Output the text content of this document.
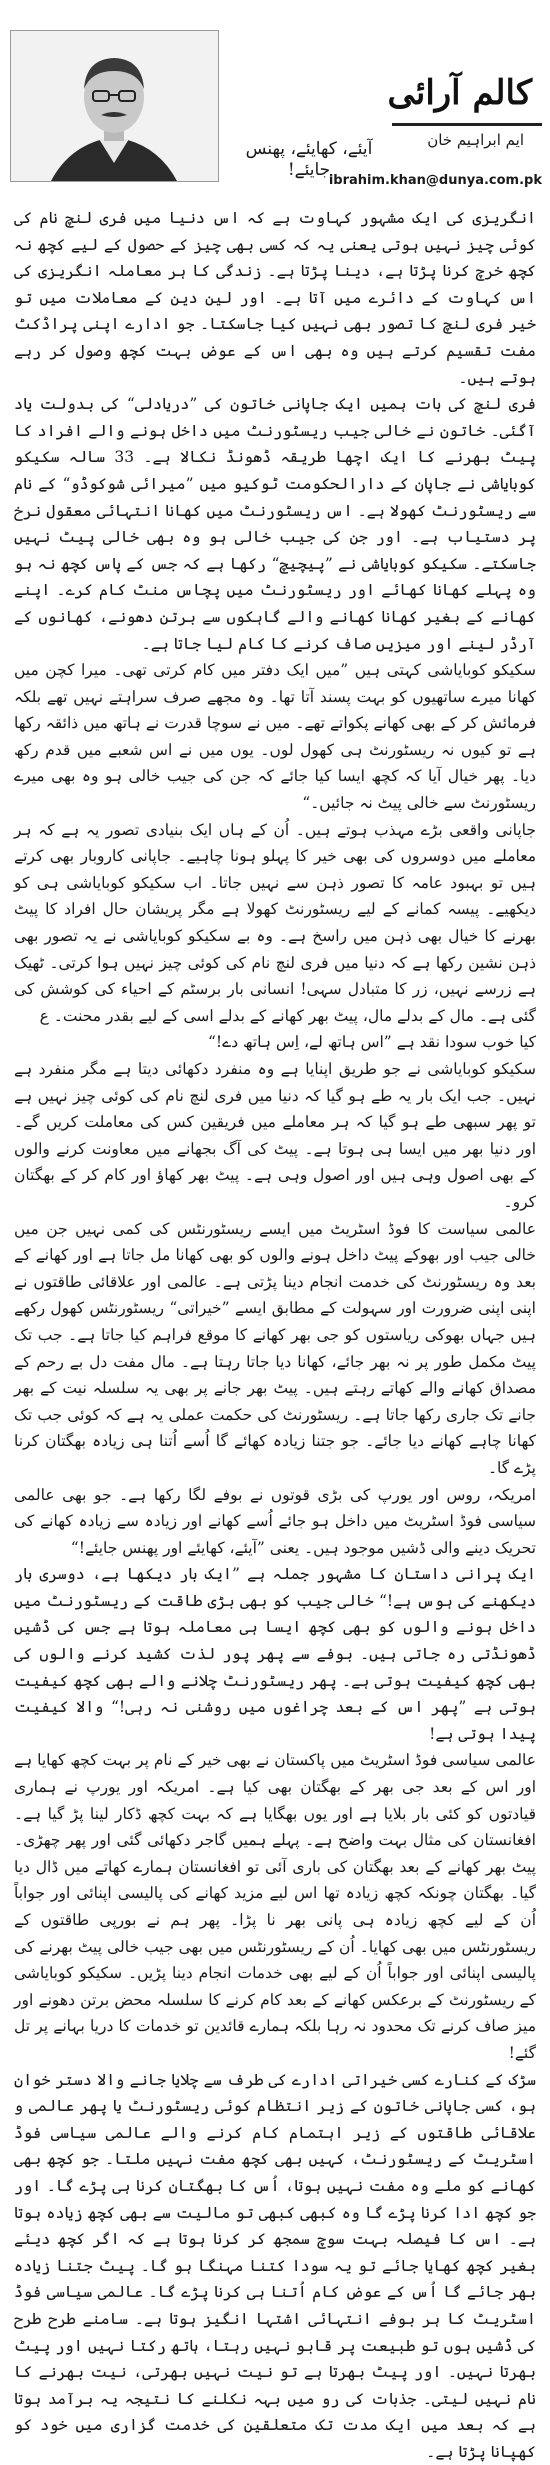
کالم آرائی
ایم ابراہیم خان
آیئے، کھایئے، پھنس جایئے!
ibrahim.khan@dunya.com.pk

انگریزی کی ایک مشہور کہاوت ہے کہ اس دنیا میں فری لنچ نام کی کوئی چیز نہیں ہوتی یعنی یہ کہ کسی بھی چیز کے حصول کے لیے کچھ نہ کچھ خرچ کرنا پڑتا ہے، دینا پڑتا ہے۔ زندگی کا ہر معاملہ انگریزی کی اس کہاوت کے دائرے میں آتا ہے۔ اور لین دین کے معاملات میں تو خیر فری لنچ کا تصور بھی نہیں کیا جاسکتا۔ جو ادارے اپنی پراڈکٹ مفت تقسیم کرتے ہیں وہ بھی اس کے عوض بہت کچھ وصول کر رہے ہوتے ہیں۔

فری لنچ کی بات ہمیں ایک جاپانی خاتون کی ”دریادلی“ کی بدولت یاد آگئی۔ خاتون نے خالی جیب ریسٹورنٹ میں داخل ہونے والے افراد کا پیٹ بھرنے کا ایک اچھا طریقہ ڈھونڈ نکالا ہے۔ 33 سالہ سکیکو کوبایاشی نے جاپان کے دارالحکومت ٹوکیو میں ”میرائی شوکوڈو“ کے نام سے ریسٹورنٹ کھولا ہے۔ اس ریسٹورنٹ میں کھانا انتہائی معقول نرخ پر دستیاب ہے۔ اور جن کی جیب خالی ہو وہ بھی خالی پیٹ نہیں جاسکتے۔ سکیکو کوبایاشی نے ”پیچیچ“ رکھا ہے کہ جس کے پاس کچھ نہ ہو وہ پہلے کھانا کھائے اور ریسٹورنٹ میں پچاس منٹ کام کرے۔ اپنے کھانے کے بغیر کھانا کھانے والے گاہکوں سے برتن دھونے، کھانوں کے آرڈر لینے اور میزیں صاف کرنے کا کام لیا جاتا ہے۔

سکیکو کوبایاشی کہتی ہیں ”میں ایک دفتر میں کام کرتی تھی۔ میرا کچن میں کھانا میرے ساتھیوں کو بہت پسند آتا تھا۔ وہ مجھے صرف سراہتے نہیں تھے بلکہ فرمائش کر کے بھی کھانے پکواتے تھے۔ میں نے سوچا قدرت نے ہاتھ میں ذائقہ رکھا ہے تو کیوں نہ ریسٹورنٹ ہی کھول لوں۔ یوں میں نے اس شعبے میں قدم رکھ دیا۔ پھر خیال آیا کہ کچھ ایسا کیا جائے کہ جن کی جیب خالی ہو وہ بھی میرے ریسٹورنٹ سے خالی پیٹ نہ جائیں۔“

جاپانی واقعی بڑے مہذب ہوتے ہیں۔ اُن کے ہاں ایک بنیادی تصور یہ ہے کہ ہر معاملے میں دوسروں کی بھی خیر کا پہلو ہونا چاہیے۔ جاپانی کاروبار بھی کرتے ہیں تو بہبود عامہ کا تصور ذہن سے نہیں جاتا۔ اب سکیکو کوبایاشی ہی کو دیکھیے۔ پیسہ کمانے کے لیے ریسٹورنٹ کھولا ہے مگر پریشان حال افراد کا پیٹ بھرنے کا خیال بھی ذہن میں راسخ ہے۔ وہ بے سکیکو کوبایاشی نے یہ تصور بھی ذہن نشین رکھا ہے کہ دنیا میں فری لنچ نام کی کوئی چیز نہیں ہوا کرتی۔ ٹھیک ہے زرسے نہیں، زر کا متبادل سہی! انسانی بار برسٹم کے احیاء کی کوشش کی گئی ہے۔ مال کے بدلے مال، پیٹ بھر کھانے کے بدلے اسی کے لیے بقدر محنت۔ ع

کیا خوب سودا نقد ہے ”اس ہاتھ لے، اِس ہاتھ دے!“

سکیکو کوبایاشی نے جو طریق اپنایا ہے وہ منفرد دکھائی دیتا ہے مگر منفرد ہے نہیں۔ جب ایک بار یہ طے ہو گیا کہ دنیا میں فری لنچ نام کی کوئی چیز نہیں ہے تو پھر سبھی طے ہو گیا کہ ہر معاملے میں فریقین کس کی معاملت کریں گے۔ اور دنیا بھر میں ایسا ہی ہوتا ہے۔ پیٹ کی آگ بجھانے میں معاونت کرنے والوں کے بھی اصول وہی ہیں اور اصول وہی ہے۔ پیٹ بھر کھاؤ اور کام کر کے بھگتان کرو۔

عالمی سیاست کا فوڈ اسٹریٹ میں ایسے ریسٹورنٹس کی کمی نہیں جن میں خالی جیب اور بھوکے پیٹ داخل ہونے والوں کو بھی کھانا مل جاتا ہے اور کھانے کے بعد وہ ریسٹورنٹ کی خدمت انجام دینا پڑتی ہے۔ عالمی اور علاقائی طاقتوں نے اپنی اپنی ضرورت اور سہولت کے مطابق ایسے ”خیراتی“ ریسٹورنٹس کھول رکھے ہیں جہاں بھوکی ریاستوں کو جی بھر کھانے کا موقع فراہم کیا جاتا ہے۔ جب تک پیٹ مکمل طور پر نہ بھر جائے، کھانا دیا جاتا رہتا ہے۔ مال مفت دل بے رحم کے مصداق کھانے والے کھاتے رہتے ہیں۔ پیٹ بھر جانے پر بھی یہ سلسلہ نیت کے بھر جانے تک جاری رکھا جاتا ہے۔ ریسٹورنٹ کی حکمت عملی یہ ہے کہ کوئی جب تک کھانا چاہے کھانے دیا جائے۔ جو جتنا زیادہ کھائے گا اُسے اُتنا ہی زیادہ بھگتان کرنا پڑے گا۔

امریکہ، روس اور یورپ کی بڑی قوتوں نے بوفے لگا رکھا ہے۔ جو بھی عالمی سیاسی فوڈ اسٹریٹ میں داخل ہو جائے اُسے کھانے اور زیادہ سے زیادہ کھانے کی تحریک دینے والی ڈشیں موجود ہیں۔ یعنی ”آیئے، کھایئے اور پھنس جایئے!“

ایک پرانی داستان کا مشہور جملہ ہے ”ایک بار دیکھا ہے، دوسری بار دیکھنے کی ہوس ہے!“ خالی جیب کو بھی بڑی طاقت کے ریسٹورنٹ میں داخل ہونے والوں کو بھی کچھ ایسا ہی معاملہ ہوتا ہے جس کی ڈشیں ڈھونڈتی رہ جاتی ہیں۔ بوفے سے پھر پور لذت کشید کرنے والوں کی بھی کچھ کیفیت ہوتی ہے۔ پھر ریسٹورنٹ چلانے والے بھی کچھ کیفیت ہوتی ہے ”پھر اس کے بعد چراغوں میں روشنی نہ رہی!“ والا کیفیت پیدا ہوتی ہے!

عالمی سیاسی فوڈ اسٹریٹ میں پاکستان نے بھی خیر کے نام پر بہت کچھ کھایا ہے اور اس کے بعد جی بھر کے بھگتان بھی کیا ہے۔ امریکہ اور یورپ نے ہماری قیادتوں کو کئی بار بلایا ہے اور یوں بھگایا ہے کہ بہت کچھ ڈکار لینا پڑ گیا ہے۔ افغانستان کی مثال بہت واضح ہے۔ پہلے ہمیں گاجر دکھائی گئی اور پھر چھڑی۔ پیٹ بھر کھانے کے بعد بھگتان کی باری آئی تو افغانستان ہمارے کھاتے میں ڈال دیا گیا۔ بھگتان چونکہ کچھ زیادہ تھا اس لیے مزید کھانے کی پالیسی اپنائی اور جواباً اُن کے لیے کچھ زیادہ ہی پانی بھر نا پڑا۔ پھر ہم نے بورپی طاقتوں کے ریسٹورنٹس میں بھی کھایا۔ اُن کے ریسٹورنٹس میں بھی جیب خالی پیٹ بھرنے کی پالیسی اپنائی اور جواباً اُن کے لیے بھی خدمات انجام دینا پڑیں۔ سکیکو کوبایاشی کے ریسٹورنٹ کے برعکس کھانے کے بعد کام کرنے کا سلسلہ محض برتن دھونے اور میز صاف کرنے تک محدود نہ رہا بلکہ ہمارے قائدین تو خدمات کا دریا بہانے پر تل گئے!

سڑک کے کنارے کسی خیراتی ادارے کی طرف سے چلایا جانے والا دستر خوان ہو، کسی جاپانی خاتون کے زیر انتظام کوئی ریسٹورنٹ یا پھر عالمی و علاقائی طاقتوں کے زیر اہتمام کام کرنے والے عالمی سیاسی فوڈ اسٹریٹ کے ریسٹورنٹ، کہیں بھی کچھ مفت نہیں ملتا۔ جو کچھ بھی کھانے کو ملے وہ مفت نہیں ہوتا، اُس کا بھگتان کرنا ہی پڑے گا۔ اور جو کچھ ادا کرنا پڑے گا وہ کبھی کبھی تو مالیت سے بھی کچھ زیادہ ہوتا ہے۔ اس کا فیصلہ بہت سوچ سمجھ کر کرنا ہوتا ہے کہ اگر کچھ دیئے بغیر کچھ کھایا جائے تو یہ سودا کتنا مہنگا ہو گا۔ پیٹ جتنا زیادہ بھر جائے گا اُس کے عوض کام اُتنا ہی کرنا پڑے گا۔ عالمی سیاسی فوڈ اسٹریٹ کا ہر بوفے انتہائی اشتہا انگیز ہوتا ہے۔ سامنے طرح طرح کی ڈشیں ہوں تو طبیعت پر قابو نہیں رہتا، ہاتھ رکتا نہیں اور پیٹ بھرتا نہیں۔ اور پیٹ بھرتا ہے تو نیت نہیں بھرتی، نیت بھرنے کا نام نہیں لیتی۔ جذبات کی رو میں بہہ نکلنے کا نتیجہ یہ برآمد ہوتا ہے کہ بعد میں ایک مدت تک متعلقین کی خدمت گزاری میں خود کو کھپانا پڑتا ہے۔
